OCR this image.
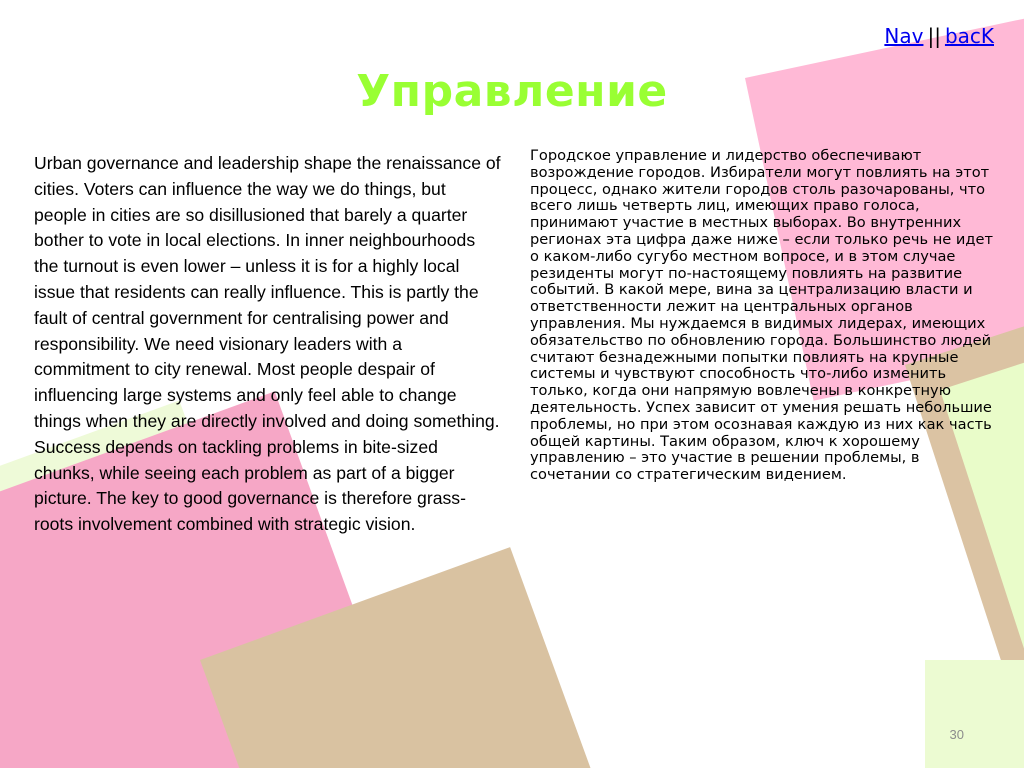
Nav || bacK
Управление
Urban governance and leadership shape the renaissance of cities. Voters can influence the way we do things, but people in cities are so disillusioned that barely a quarter bother to vote in local elections. In inner neighbourhoods the turnout is even lower – unless it is for a highly local issue that residents can really influence. This is partly the fault of central government for centralising power and responsibility. We need visionary leaders with a commitment to city renewal. Most people despair of influencing large systems and only feel able to change things when they are directly involved and doing something. Success depends on tackling problems in bite-sized chunks, while seeing each problem as part of a bigger picture. The key to good governance is therefore grass-roots involvement combined with strategic vision.
Городское управление и лидерство обеспечивают возрождение городов. Избиратели могут повлиять на этот процесс, однако жители городов столь разочарованы, что всего лишь четверть лиц, имеющих право голоса, принимают участие в местных выборах. Во внутренних регионах эта цифра даже ниже – если только речь не идет о каком-либо сугубо местном вопросе, и в этом случае резиденты могут по-настоящему повлиять на развитие событий. В какой мере, вина за централизацию власти и ответственности лежит на центральных органов управления. Мы нуждаемся в видимых лидерах, имеющих обязательство по обновлению города. Большинство людей считают безнадежными попытки повлиять на крупные системы и чувствуют способность что-либо изменить только, когда они напрямую вовлечены в конкретную деятельность. Успех зависит от умения решать небольшие проблемы, но при этом осознавая каждую из них как часть общей картины. Таким образом, ключ к хорошему управлению – это участие в решении проблемы, в сочетании со стратегическим видением.
30
